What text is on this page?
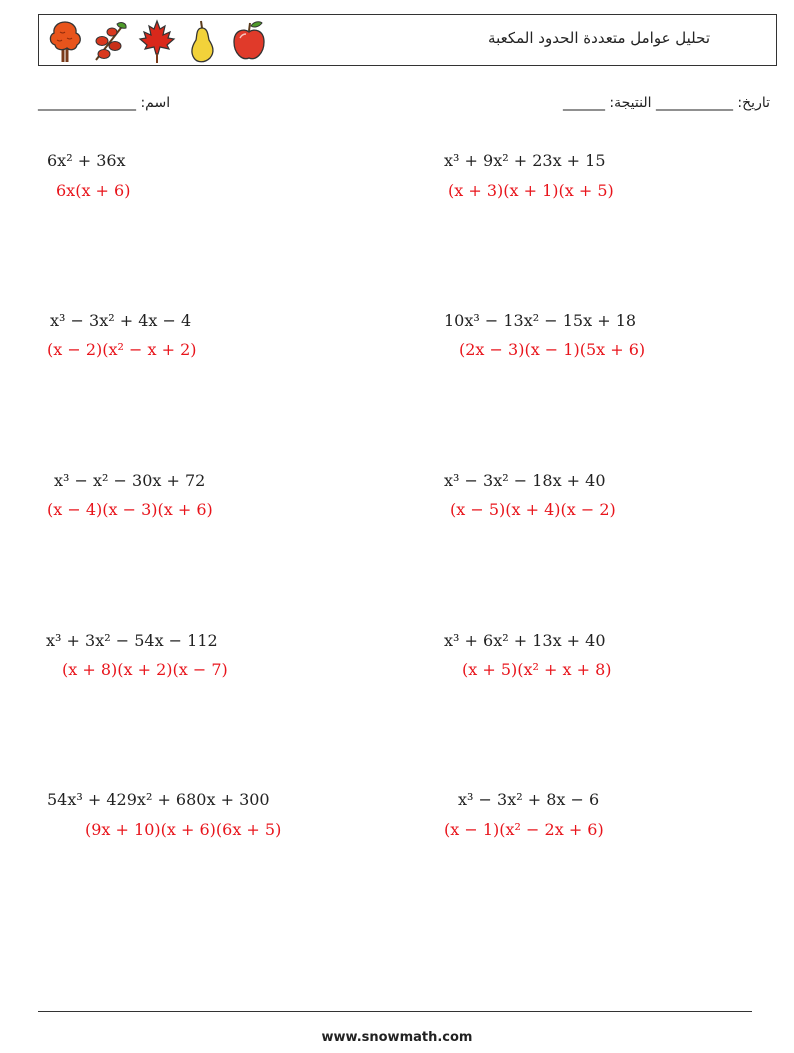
تحليل عوامل متعددة الحدود المكعبة
______________ :اسم	______ :تاريخ: ___________ النتيجة
6x² + 36x
6x(x + 6)
x³ + 9x² + 23x + 15
(x + 3)(x + 1)(x + 5)
x³ − 3x² + 4x − 4
(x − 2)(x² − x + 2)
10x³ − 13x² − 15x + 18
(2x − 3)(x − 1)(5x + 6)
x³ − x² − 30x + 72
(x − 4)(x − 3)(x + 6)
x³ − 3x² − 18x + 40
(x − 5)(x + 4)(x − 2)
x³ + 3x² − 54x − 112
(x + 8)(x + 2)(x − 7)
x³ + 6x² + 13x + 40
(x + 5)(x² + x + 8)
54x³ + 429x² + 680x + 300
(9x + 10)(x + 6)(6x + 5)
x³ − 3x² + 8x − 6
(x − 1)(x² − 2x + 6)
www.snowmath.com
